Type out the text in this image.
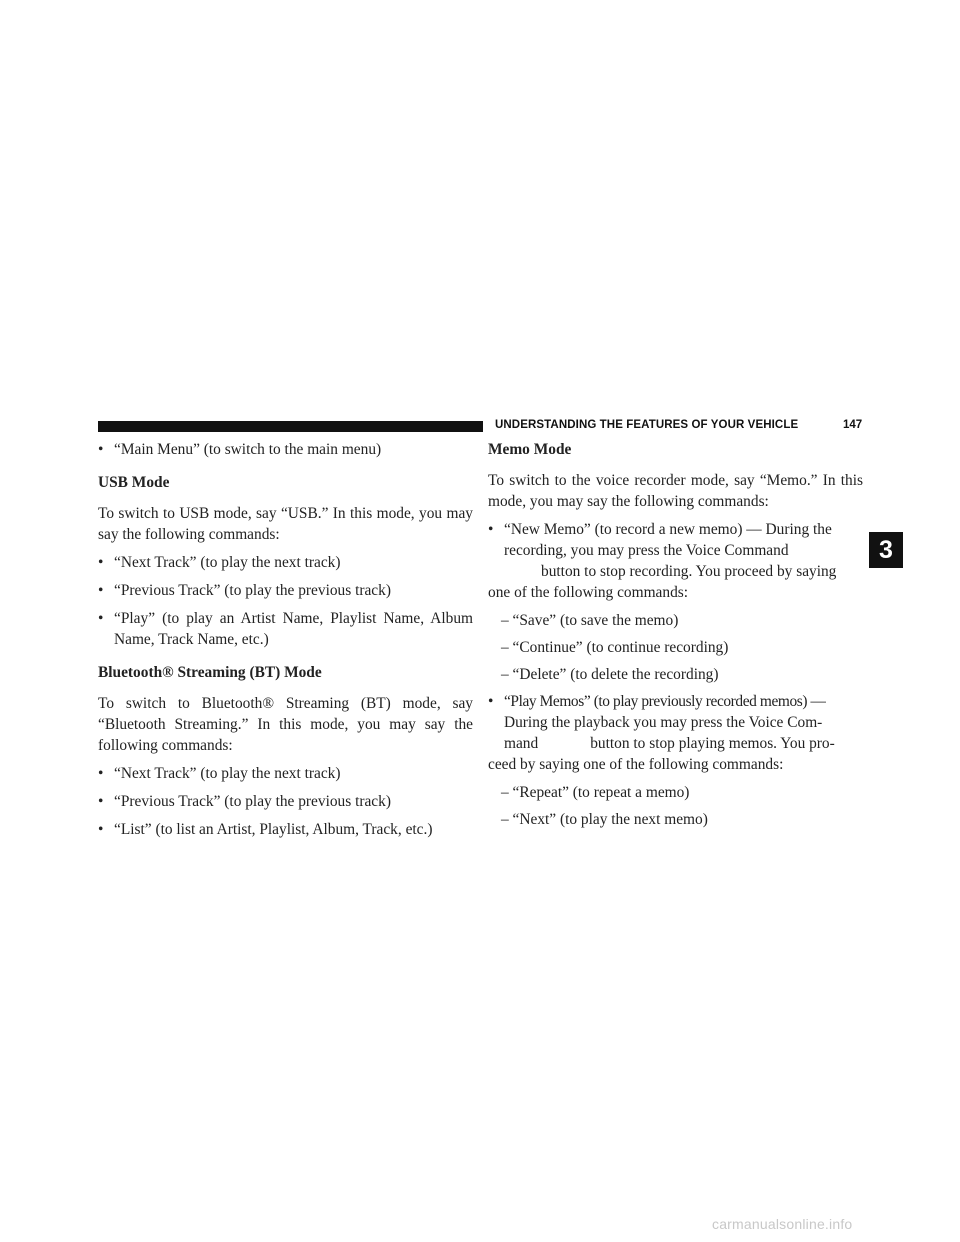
UNDERSTANDING THE FEATURES OF YOUR VEHICLE	147
3
• “Main Menu” (to switch to the main menu)
USB Mode

To switch to USB mode, say “USB.” In this mode, you may say the following commands:

• “Next Track” (to play the next track)
• “Previous Track” (to play the previous track)
• “Play” (to play an Artist Name, Playlist Name, Album Name, Track Name, etc.)
Bluetooth® Streaming (BT) Mode

To switch to Bluetooth® Streaming (BT) mode, say “Bluetooth Streaming.” In this mode, you may say the following commands:

• “Next Track” (to play the next track)
• “Previous Track” (to play the previous track)
• “List” (to list an Artist, Playlist, Album, Track, etc.)
Memo Mode

To switch to the voice recorder mode, say “Memo.” In this mode, you may say the following commands:

• “New Memo” (to record a new memo) — During the
recording, you may press the Voice Command
button to stop recording. You proceed by saying

one of the following commands:

– “Save” (to save the memo)
– “Continue” (to continue recording)
– “Delete” (to delete the recording)
• “Play Memos” (to play previously recorded memos) —
During the playback you may press the Voice Com-
mand	button to stop playing memos. You pro-

ceed by saying one of the following commands:

– “Repeat” (to repeat a memo)
– “Next” (to play the next memo)
carmanualsonline.info
